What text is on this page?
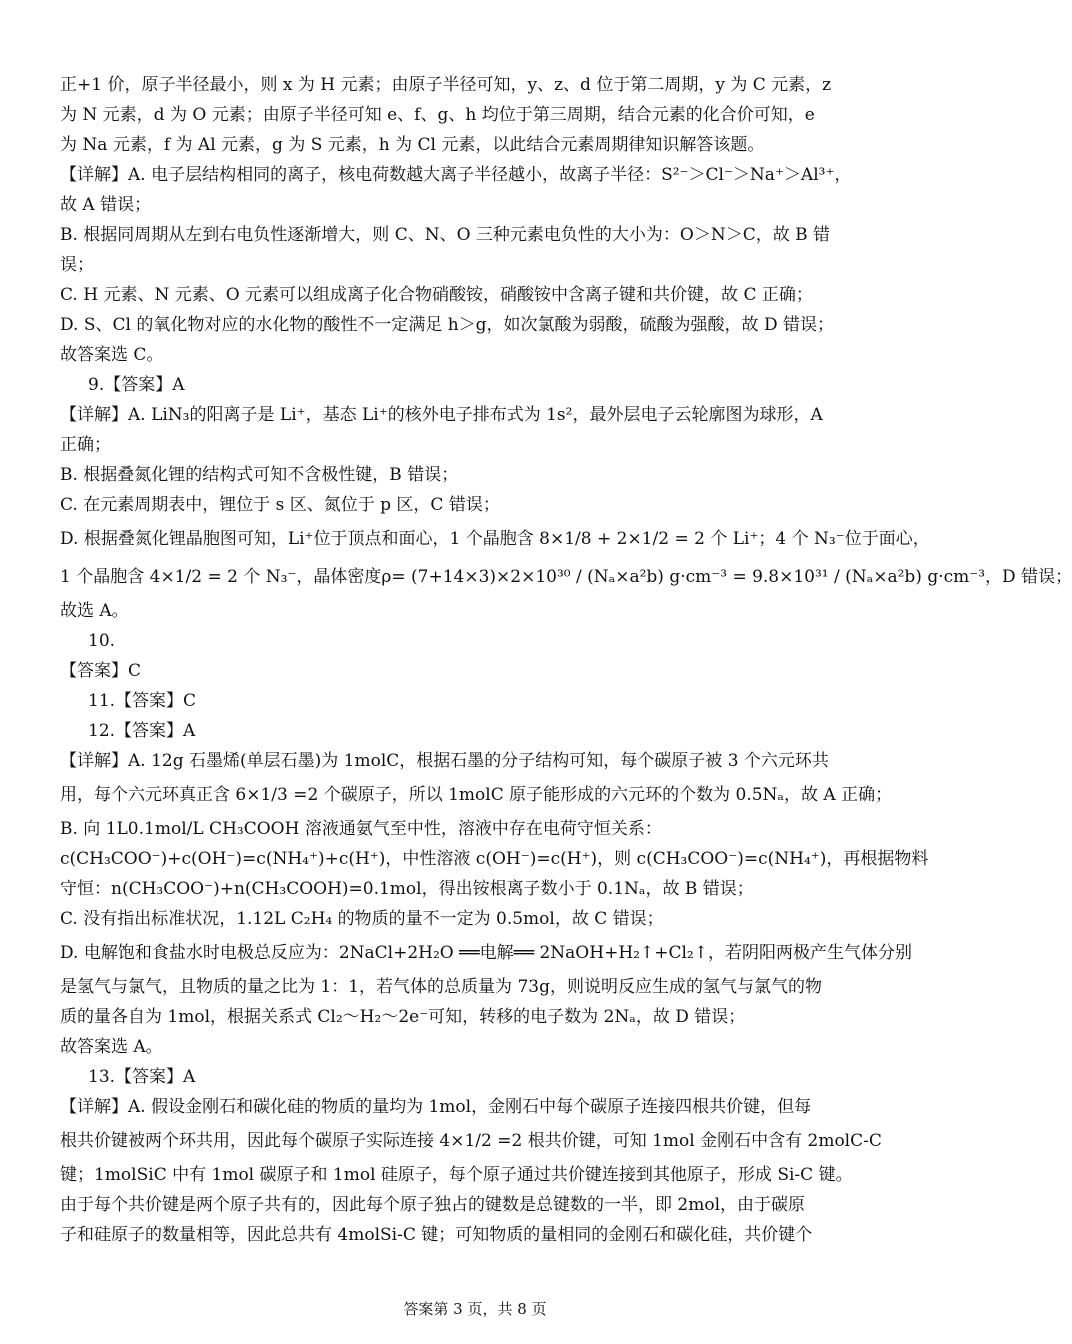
正+1 价，原子半径最小，则 x 为 H 元素；由原子半径可知，y、z、d 位于第二周期，y 为 C 元素，z
为 N 元素，d 为 O 元素；由原子半径可知 e、f、g、h 均位于第三周期，结合元素的化合价可知，e
为 Na 元素，f 为 Al 元素，g 为 S 元素，h 为 Cl 元素，以此结合元素周期律知识解答该题。
【详解】A. 电子层结构相同的离子，核电荷数越大离子半径越小，故离子半径：S²⁻＞Cl⁻＞Na⁺＞Al³⁺，
故 A 错误；
B. 根据同周期从左到右电负性逐渐增大，则 C、N、O 三种元素电负性的大小为：O＞N＞C，故 B 错
误；
C. H 元素、N 元素、O 元素可以组成离子化合物硝酸铵，硝酸铵中含离子键和共价键，故 C 正确；
D. S、Cl 的氧化物对应的水化物的酸性不一定满足 h＞g，如次氯酸为弱酸，硫酸为强酸，故 D 错误；
故答案选 C。
9.【答案】A
【详解】A. LiN₃的阳离子是 Li⁺，基态 Li⁺的核外电子排布式为 1s²，最外层电子云轮廓图为球形，A
正确；
B. 根据叠氮化锂的结构式可知不含极性键，B 错误；
C. 在元素周期表中，锂位于 s 区、氮位于 p 区，C 错误；
D. 根据叠氮化锂晶胞图可知，Li⁺位于顶点和面心，1 个晶胞含 8×1/8 + 2×1/2 = 2 个 Li⁺；4 个 N₃⁻位于面心，
1 个晶胞含 4×1/2 = 2 个 N₃⁻，晶体密度ρ= (7+14×3)×2×10³⁰ / (Nₐ×a²b) g·cm⁻³ = 9.8×10³¹ / (Nₐ×a²b) g·cm⁻³，D 错误；
故选 A。
10.
【答案】C
11.【答案】C
12.【答案】A
【详解】A. 12g 石墨烯(单层石墨)为 1molC，根据石墨的分子结构可知，每个碳原子被 3 个六元环共
用，每个六元环真正含 6×1/3 =2 个碳原子，所以 1molC 原子能形成的六元环的个数为 0.5Nₐ，故 A 正确；
B. 向 1L0.1mol/L CH₃COOH 溶液通氨气至中性，溶液中存在电荷守恒关系：
c(CH₃COO⁻)+c(OH⁻)=c(NH₄⁺)+c(H⁺)，中性溶液 c(OH⁻)=c(H⁺)，则 c(CH₃COO⁻)=c(NH₄⁺)，再根据物料
守恒：n(CH₃COO⁻)+n(CH₃COOH)=0.1mol，得出铵根离子数小于 0.1Nₐ，故 B 错误；
C. 没有指出标准状况，1.12L C₂H₄ 的物质的量不一定为 0.5mol，故 C 错误；
D. 电解饱和食盐水时电极总反应为：2NaCl+2H₂O ══电解══ 2NaOH+H₂↑+Cl₂↑，若阴阳两极产生气体分别
是氢气与氯气，且物质的量之比为 1：1，若气体的总质量为 73g，则说明反应生成的氢气与氯气的物
质的量各自为 1mol，根据关系式 Cl₂～H₂～2e⁻可知，转移的电子数为 2Nₐ，故 D 错误；
故答案选 A。
13.【答案】A
【详解】A. 假设金刚石和碳化硅的物质的量均为 1mol，金刚石中每个碳原子连接四根共价键，但每
根共价键被两个环共用，因此每个碳原子实际连接 4×1/2 =2 根共价键，可知 1mol 金刚石中含有 2molC-C
键；1molSiC 中有 1mol 碳原子和 1mol 硅原子，每个原子通过共价键连接到其他原子，形成 Si-C 键。
由于每个共价键是两个原子共有的，因此每个原子独占的键数是总键数的一半，即 2mol，由于碳原
子和硅原子的数量相等，因此总共有 4molSi-C 键；可知物质的量相同的金刚石和碳化硅，共价键个
答案第 3 页，共 8 页
